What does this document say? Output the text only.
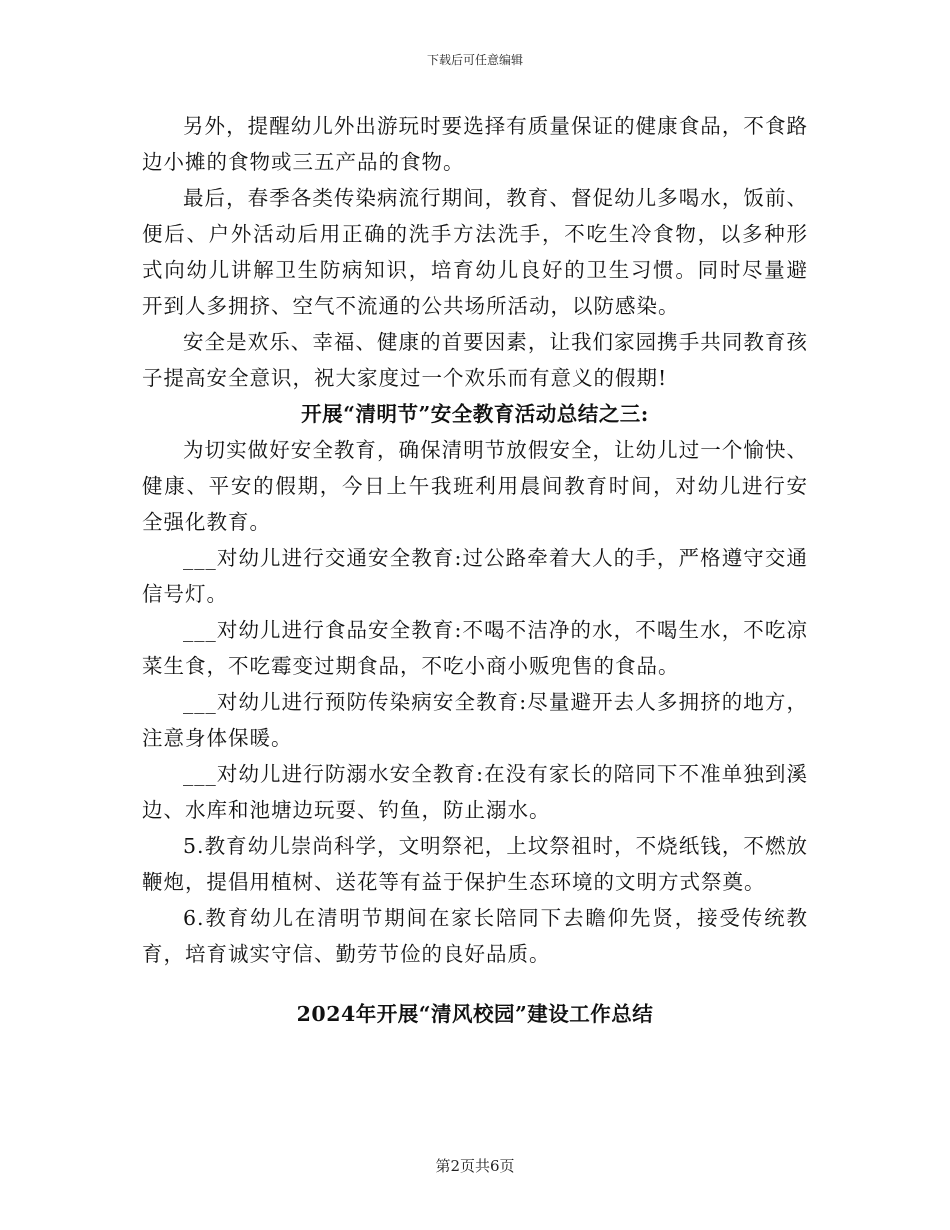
下载后可任意编辑

另外，提醒幼儿外出游玩时要选择有质量保证的健康食品，不食路边小摊的食物或三五产品的食物。

最后，春季各类传染病流行期间，教育、督促幼儿多喝水，饭前、便后、户外活动后用正确的洗手方法洗手，不吃生冷食物，以多种形式向幼儿讲解卫生防病知识，培育幼儿良好的卫生习惯。同时尽量避开到人多拥挤、空气不流通的公共场所活动，以防感染。

安全是欢乐、幸福、健康的首要因素，让我们家园携手共同教育孩子提高安全意识，祝大家度过一个欢乐而有意义的假期!

开展“清明节”安全教育活动总结之三:

为切实做好安全教育，确保清明节放假安全，让幼儿过一个愉快、健康、平安的假期，今日上午我班利用晨间教育时间，对幼儿进行安全强化教育。

___对幼儿进行交通安全教育:过公路牵着大人的手，严格遵守交通信号灯。

___对幼儿进行食品安全教育:不喝不洁净的水，不喝生水，不吃凉菜生食，不吃霉变过期食品，不吃小商小贩兜售的食品。

___对幼儿进行预防传染病安全教育:尽量避开去人多拥挤的地方，注意身体保暖。

___对幼儿进行防溺水安全教育:在没有家长的陪同下不准单独到溪边、水库和池塘边玩耍、钓鱼，防止溺水。

5.教育幼儿崇尚科学，文明祭祀，上坟祭祖时，不烧纸钱，不燃放鞭炮，提倡用植树、送花等有益于保护生态环境的文明方式祭奠。

6.教育幼儿在清明节期间在家长陪同下去瞻仰先贤，接受传统教育，培育诚实守信、勤劳节俭的良好品质。

2024年开展“清风校园”建设工作总结

第2页共6页
